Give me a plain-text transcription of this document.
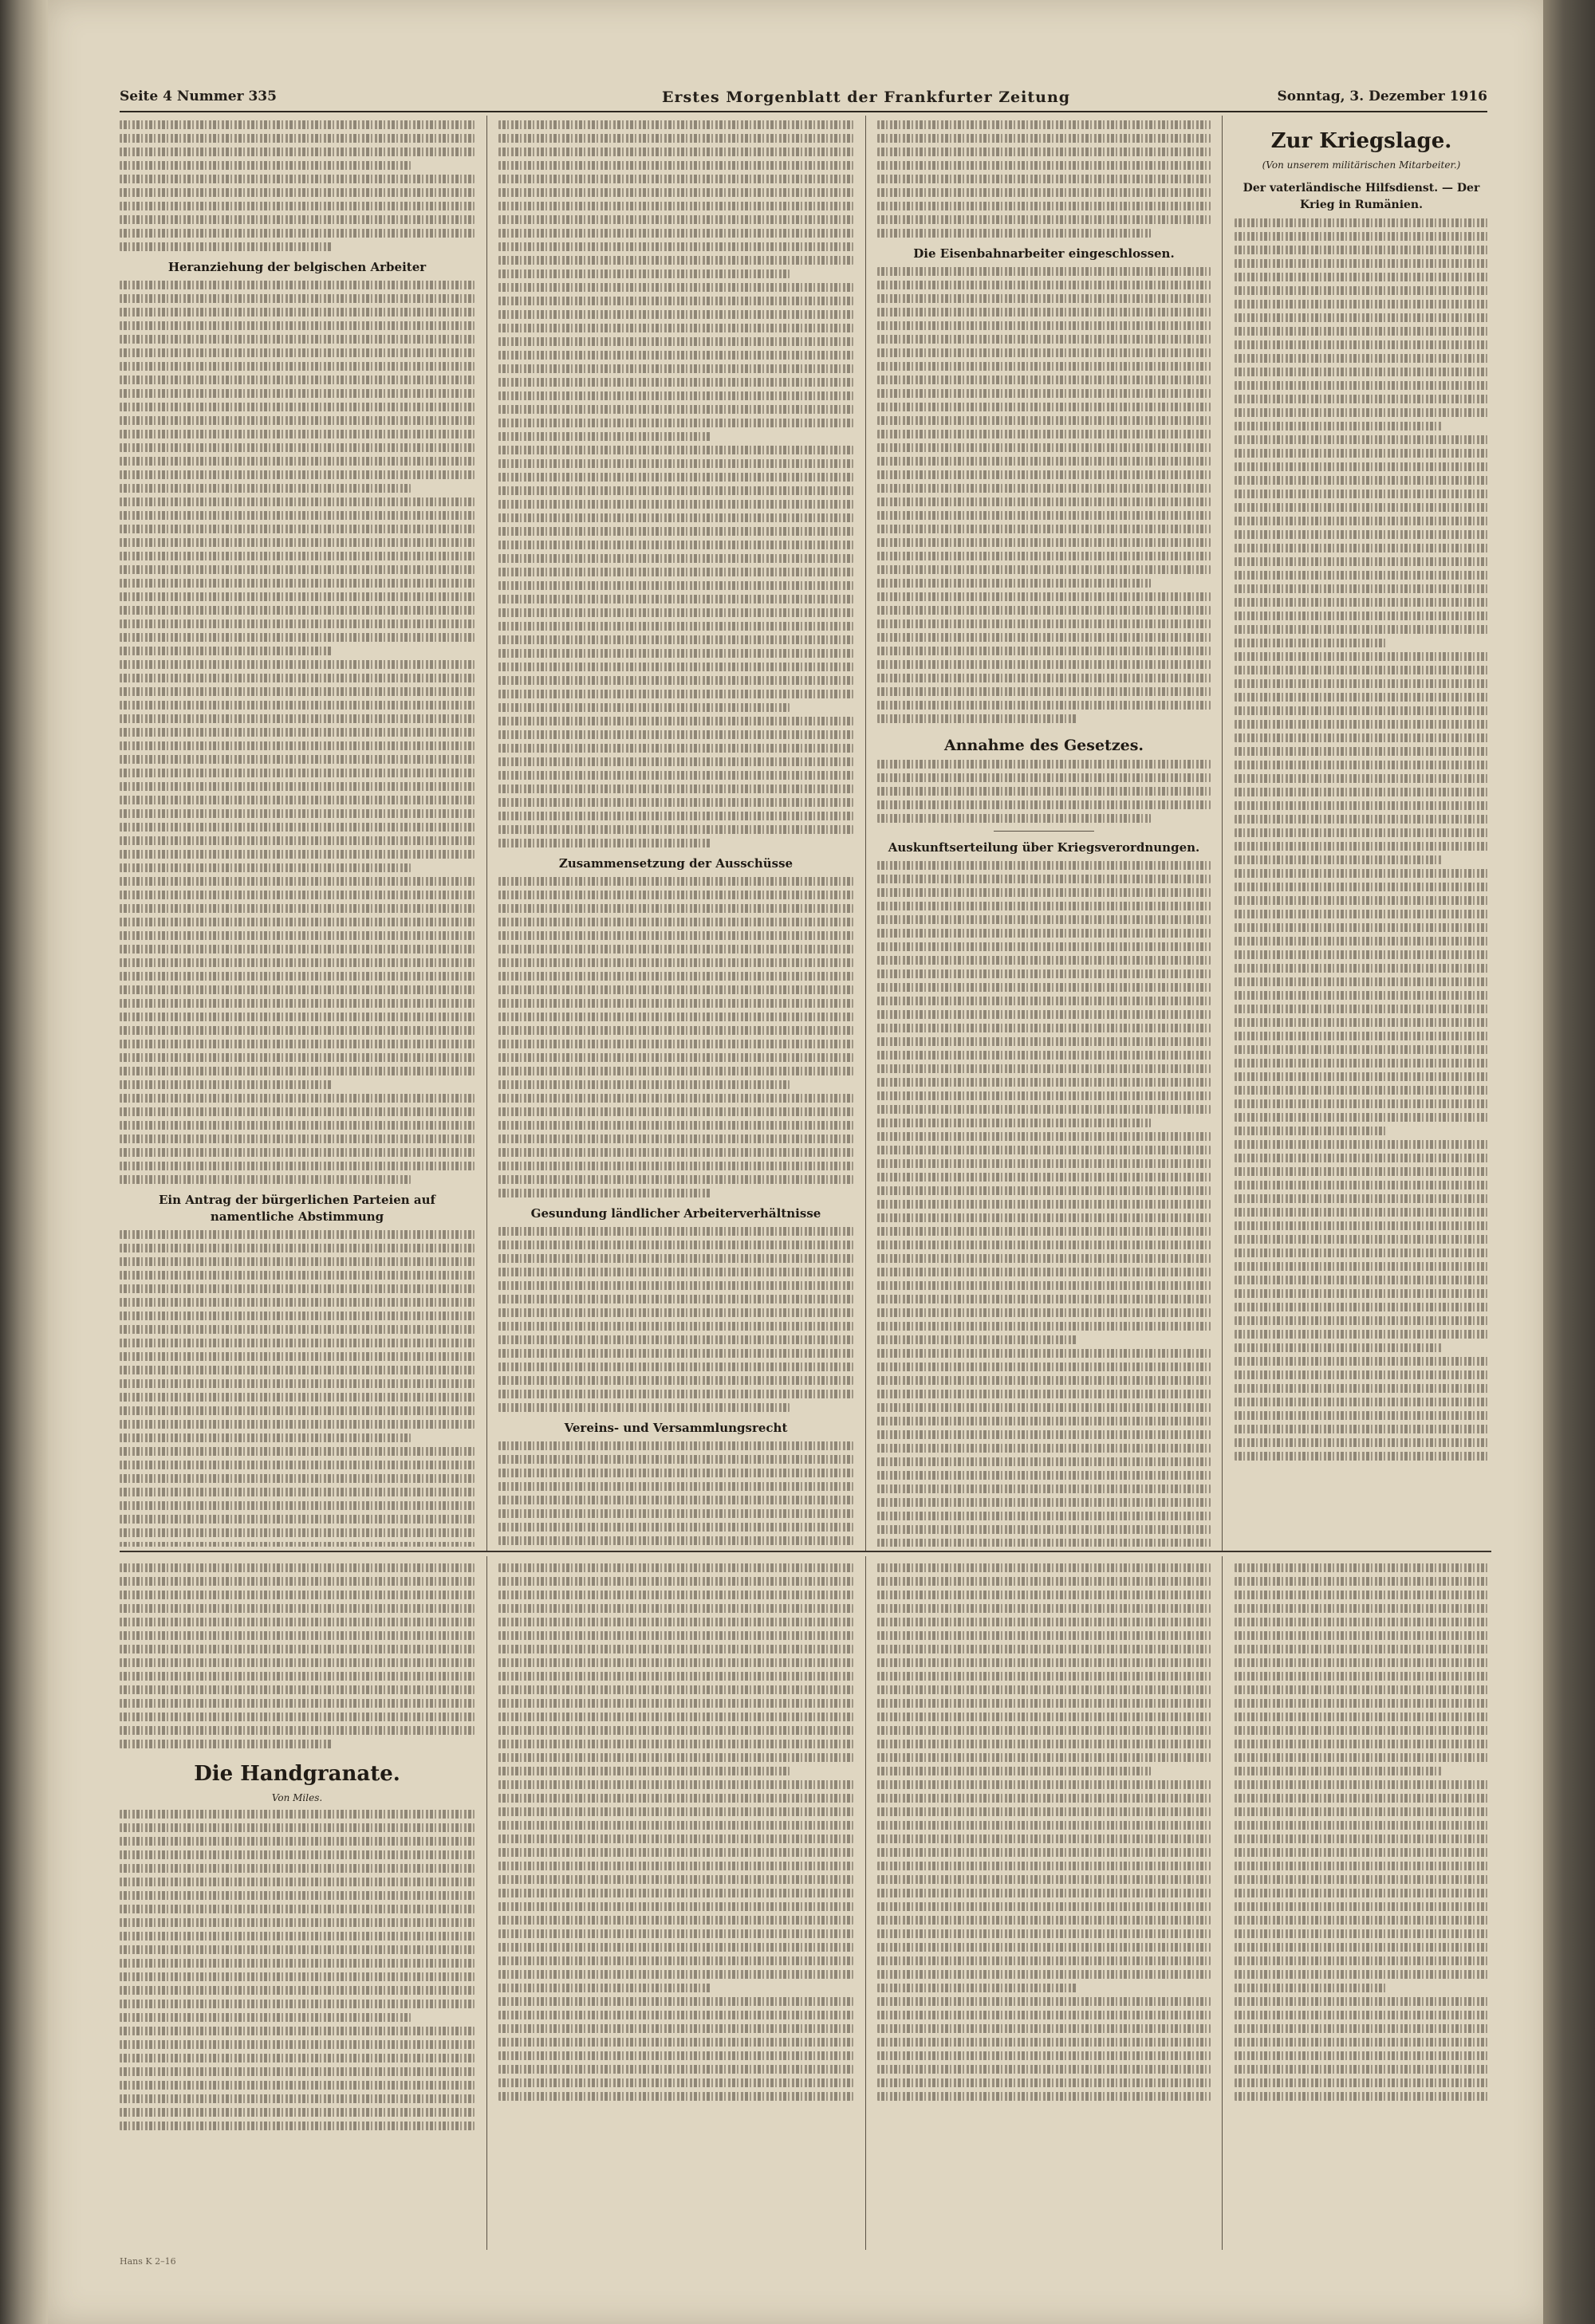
Seite 4 Nummer 335	Erstes Morgenblatt der Frankfurter Zeitung	Sonntag, 3. Dezember 1916
Heranziehung der belgischen Arbeiter
Ein Antrag der bürgerlichen Parteien auf namentliche Abstimmung
Zusammensetzung der Ausschüsse
Gesundung ländlicher Arbeiterverhältnisse
Vereins- und Versammlungsrecht
Die Eisenbahnarbeiter eingeschlossen.
Annahme des Gesetzes.
Auskunftserteilung über Kriegsverordnungen.
Zur Kriegslage.
(Von unserem militärischen Mitarbeiter.)
Der vaterländische Hilfsdienst. — Der Krieg in Rumänien.
Die Handgranate.
Von Miles.
Hans K 2–16
